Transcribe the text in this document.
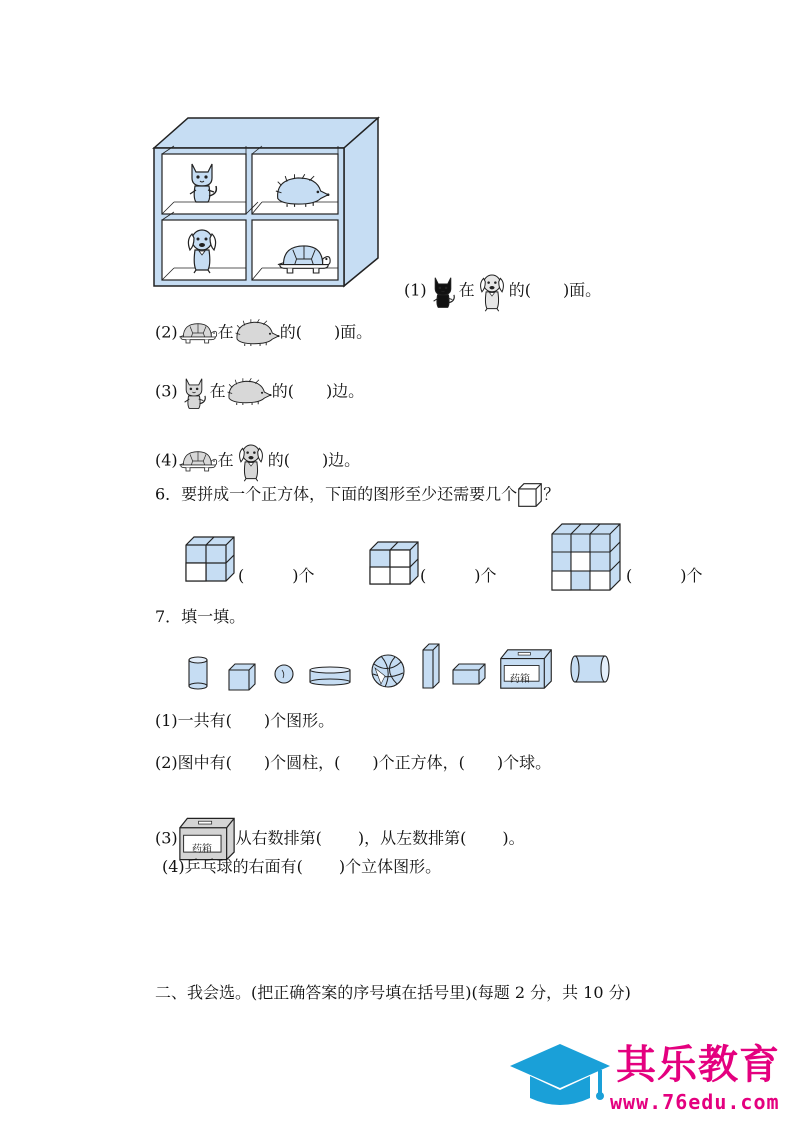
(1) 在 的( )面。
(2)	在	的( )面。
(3) 在	的( )边。
(4)	在 的( )边。
6．要拼成一个正方体，下面的图形至少还需要几个 ？
(	)个	(	)个	(	)个
7．填一填。
药箱
(1)一共有( )个图形。
(2)图中有( )个圆柱，( )个正方体，( )个球。
(3)
药箱
从右数排第( )，从左数排第( )。
(4)乒乓球的右面有( )个立体图形。
二、我会选。(把正确答案的序号填在括号里)(每题 2 分，共 10 分)
其乐教育
www.76edu.com
